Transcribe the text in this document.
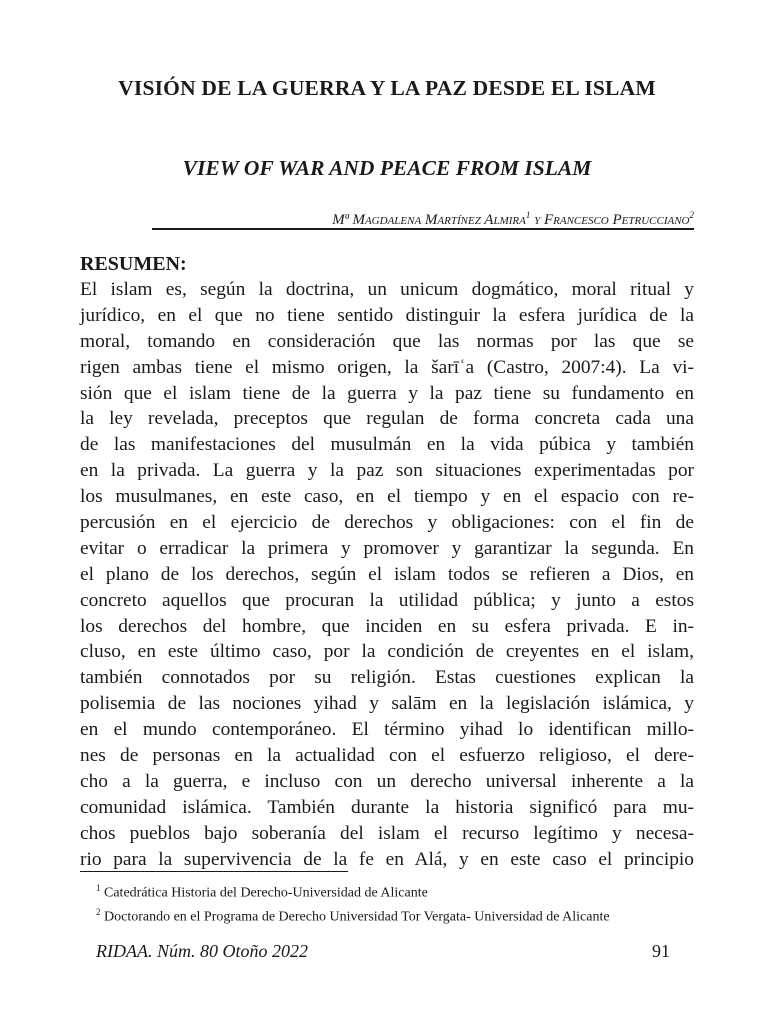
VISIÓN DE LA GUERRA Y LA PAZ DESDE EL ISLAM
VIEW OF WAR AND PEACE FROM ISLAM
Mª Magdalena Martínez Almira$^1$ y Francesco Petrucciano$^2$
RESUMEN:
El islam es, según la doctrina, un unicum dogmático, moral ritual y
jurídico, en el que no tiene sentido distinguir la esfera jurídica de la
moral, tomando en consideración que las normas por las que se
rigen ambas tiene el mismo origen, la šarīʿa (Castro, 2007:4). La vi-
sión que el islam tiene de la guerra y la paz tiene su fundamento en
la ley revelada, preceptos que regulan de forma concreta cada una
de las manifestaciones del musulmán en la vida púbica y también
en la privada. La guerra y la paz son situaciones experimentadas por
los musulmanes, en este caso, en el tiempo y en el espacio con re-
percusión en el ejercicio de derechos y obligaciones: con el fin de
evitar o erradicar la primera y promover y garantizar la segunda. En
el plano de los derechos, según el islam todos se refieren a Dios, en
concreto aquellos que procuran la utilidad pública; y junto a estos
los derechos del hombre, que inciden en su esfera privada. E in-
cluso, en este último caso, por la condición de creyentes en el islam,
también connotados por su religión. Estas cuestiones explican la
polisemia de las nociones yihad y salām en la legislación islámica, y
en el mundo contemporáneo. El término yihad lo identifican millo-
nes de personas en la actualidad con el esfuerzo religioso, el dere-
cho a la guerra, e incluso con un derecho universal inherente a la
comunidad islámica. También durante la historia significó para mu-
chos pueblos bajo soberanía del islam el recurso legítimo y necesa-
rio para la supervivencia de la fe en Alá, y en este caso el principio
$^1$ Catedrática Historia del Derecho-Universidad de Alicante
$^2$ Doctorando en el Programa de Derecho Universidad Tor Vergata- Universidad de Alicante
RIDAA. Núm. 80 Otoño 2022	91
